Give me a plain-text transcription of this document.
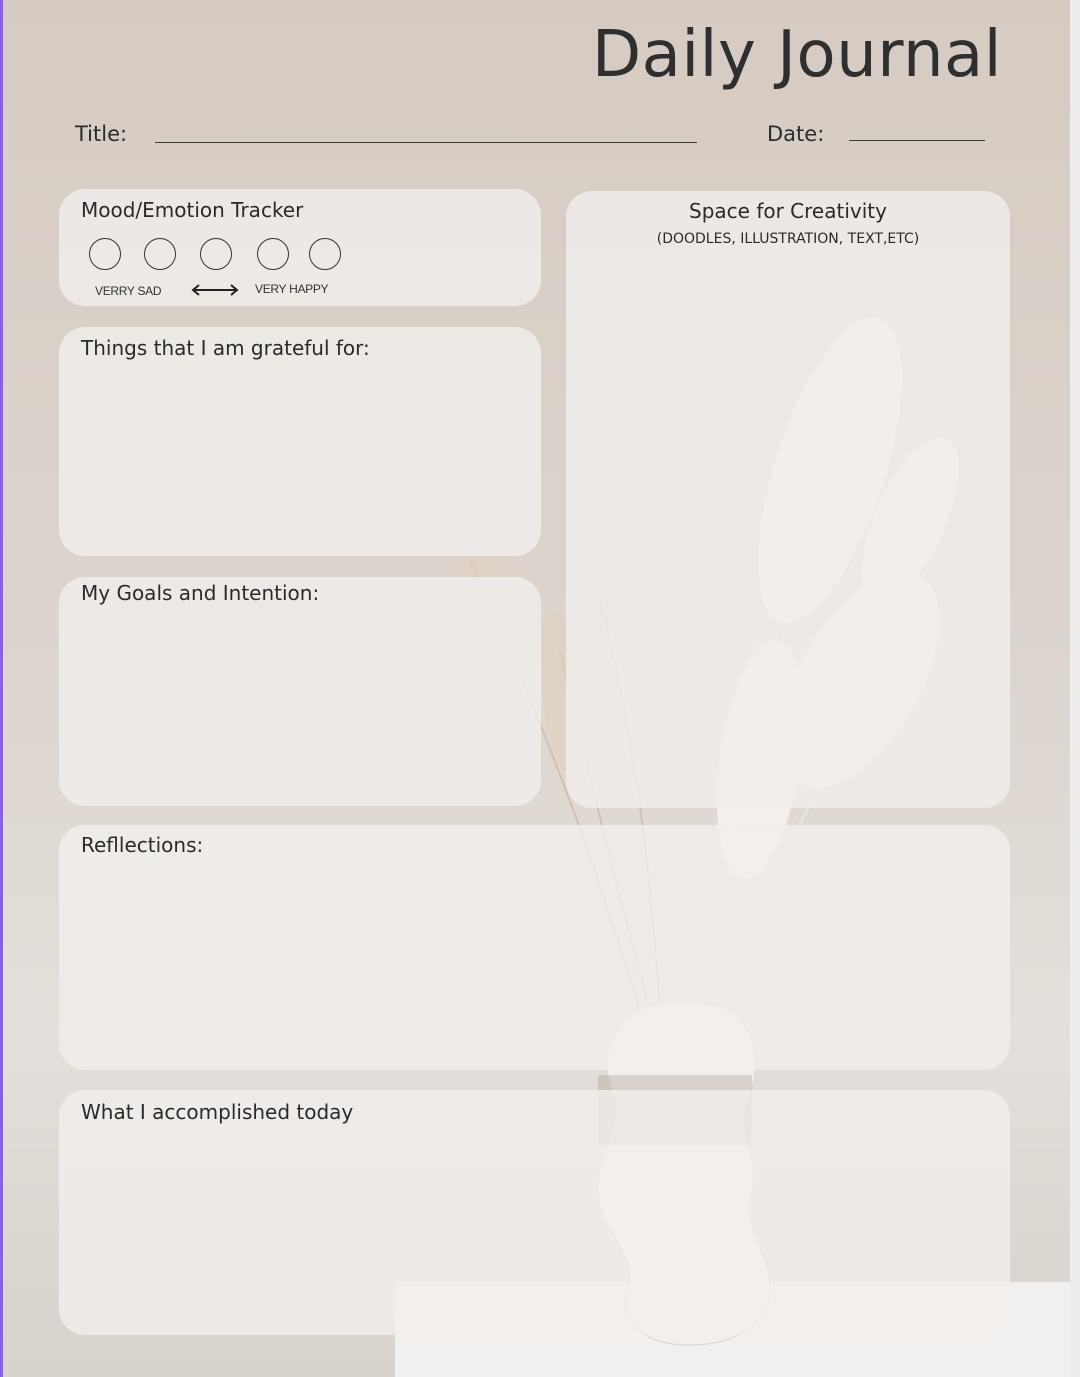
Daily Journal
Title:	Date:
Mood/Emotion Tracker
VERRY SAD	VERY HAPPY
Space for Creativity
(DOODLES, ILLUSTRATION, TEXT,ETC)
Things that I am grateful for:
My Goals and Intention:
Refllections:
What I accomplished today
